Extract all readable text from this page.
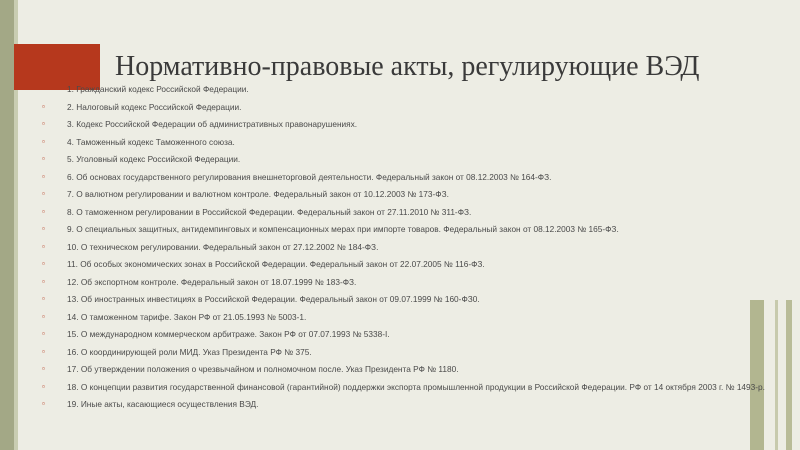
Нормативно-правовые акты, регулирующие ВЭД
▫	1. Гражданский кодекс Российской Федерации.
▫	2. Налоговый кодекс Российской Федерации.
▫	3. Кодекс Российской Федерации об административных правонарушениях.
▫	4. Таможенный кодекс Таможенного союза.
▫	5. Уголовный кодекс Российской Федерации.
▫	6. Об основах государственного регулирования внешнеторговой деятельности. Федеральный закон от 08.12.2003 № 164-ФЗ.
▫	7. О валютном регулировании и валютном контроле. Федеральный закон от 10.12.2003 № 173-ФЗ.
▫	8. О таможенном регулировании в Российской Федерации. Федеральный закон от 27.11.2010 № 311-ФЗ.
▫	9. О специальных защитных, антидемпинговых и компенсационных мерах при импорте товаров. Федеральный закон от 08.12.2003 № 165-ФЗ.
▫	10. О техническом регулировании. Федеральный закон от 27.12.2002 № 184-ФЗ.
▫	11. Об особых экономических зонах в Российской Федерации. Федеральный закон от 22.07.2005 № 116-ФЗ.
▫	12. Об экспортном контроле. Федеральный закон от 18.07.1999 № 183-ФЗ.
▫	13. Об иностранных инвестициях в Российской Федерации. Федеральный закон от 09.07.1999 № 160-ФЗ0.
▫	14. О таможенном тарифе. Закон РФ от 21.05.1993 № 5003-1.
▫	15. О международном коммерческом арбитраже. Закон РФ от 07.07.1993 № 5338-I.
▫	16. О координирующей роли МИД. Указ Президента РФ № 375.
▫	17. Об утверждении положения о чрезвычайном и полномочном после. Указ Президента РФ № 1180.
▫	18. О концепции развития государственной финансовой (гарантийной) поддержки экспорта промышленной продукции в Российской Федерации. РФ от 14 октября 2003 г. № 1493-р.
▫	19. Иные акты, касающиеся осуществления ВЭД.
